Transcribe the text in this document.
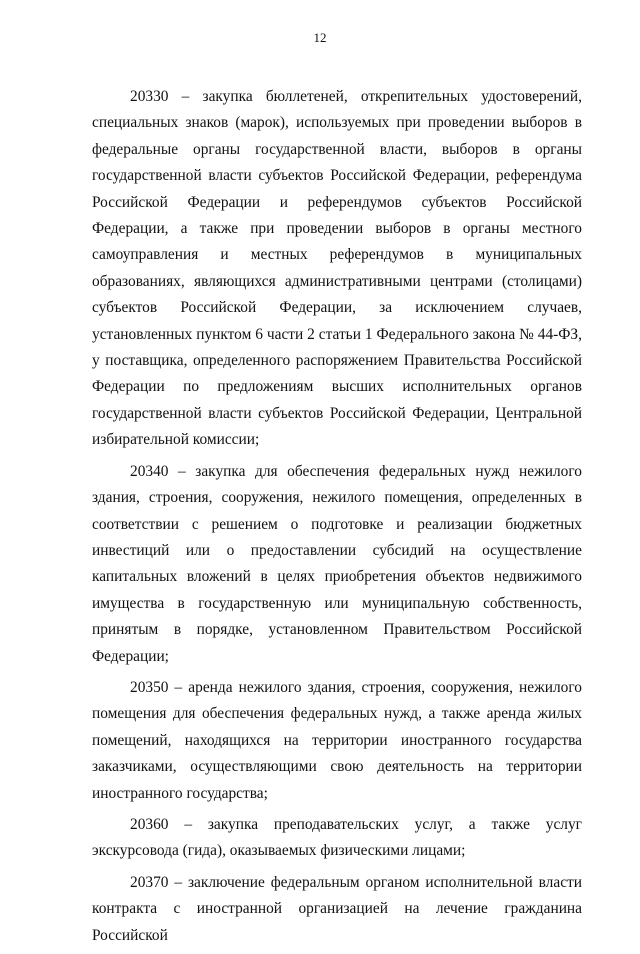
12

20330 – закупка бюллетеней, открепительных удостоверений, специальных знаков (марок), используемых при проведении выборов в федеральные органы государственной власти, выборов в органы государственной власти субъектов Российской Федерации, референдума Российской Федерации и референдумов субъектов Российской Федерации, а также при проведении выборов в органы местного самоуправления и местных референдумов в муниципальных образованиях, являющихся административными центрами (столицами) субъектов Российской Федерации, за исключением случаев, установленных пунктом 6 части 2 статьи 1 Федерального закона № 44-ФЗ, у поставщика, определенного распоряжением Правительства Российской Федерации по предложениям высших исполнительных органов государственной власти субъектов Российской Федерации, Центральной избирательной комиссии;

20340 – закупка для обеспечения федеральных нужд нежилого здания, строения, сооружения, нежилого помещения, определенных в соответствии с решением о подготовке и реализации бюджетных инвестиций или о предоставлении субсидий на осуществление капитальных вложений в целях приобретения объектов недвижимого имущества в государственную или муниципальную собственность, принятым в порядке, установленном Правительством Российской Федерации;

20350 – аренда нежилого здания, строения, сооружения, нежилого помещения для обеспечения федеральных нужд, а также аренда жилых помещений, находящихся на территории иностранного государства заказчиками, осуществляющими свою деятельность на территории иностранного государства;

20360 – закупка преподавательских услуг, а также услуг экскурсовода (гида), оказываемых физическими лицами;

20370 – заключение федеральным органом исполнительной власти контракта с иностранной организацией на лечение гражданина Российской
